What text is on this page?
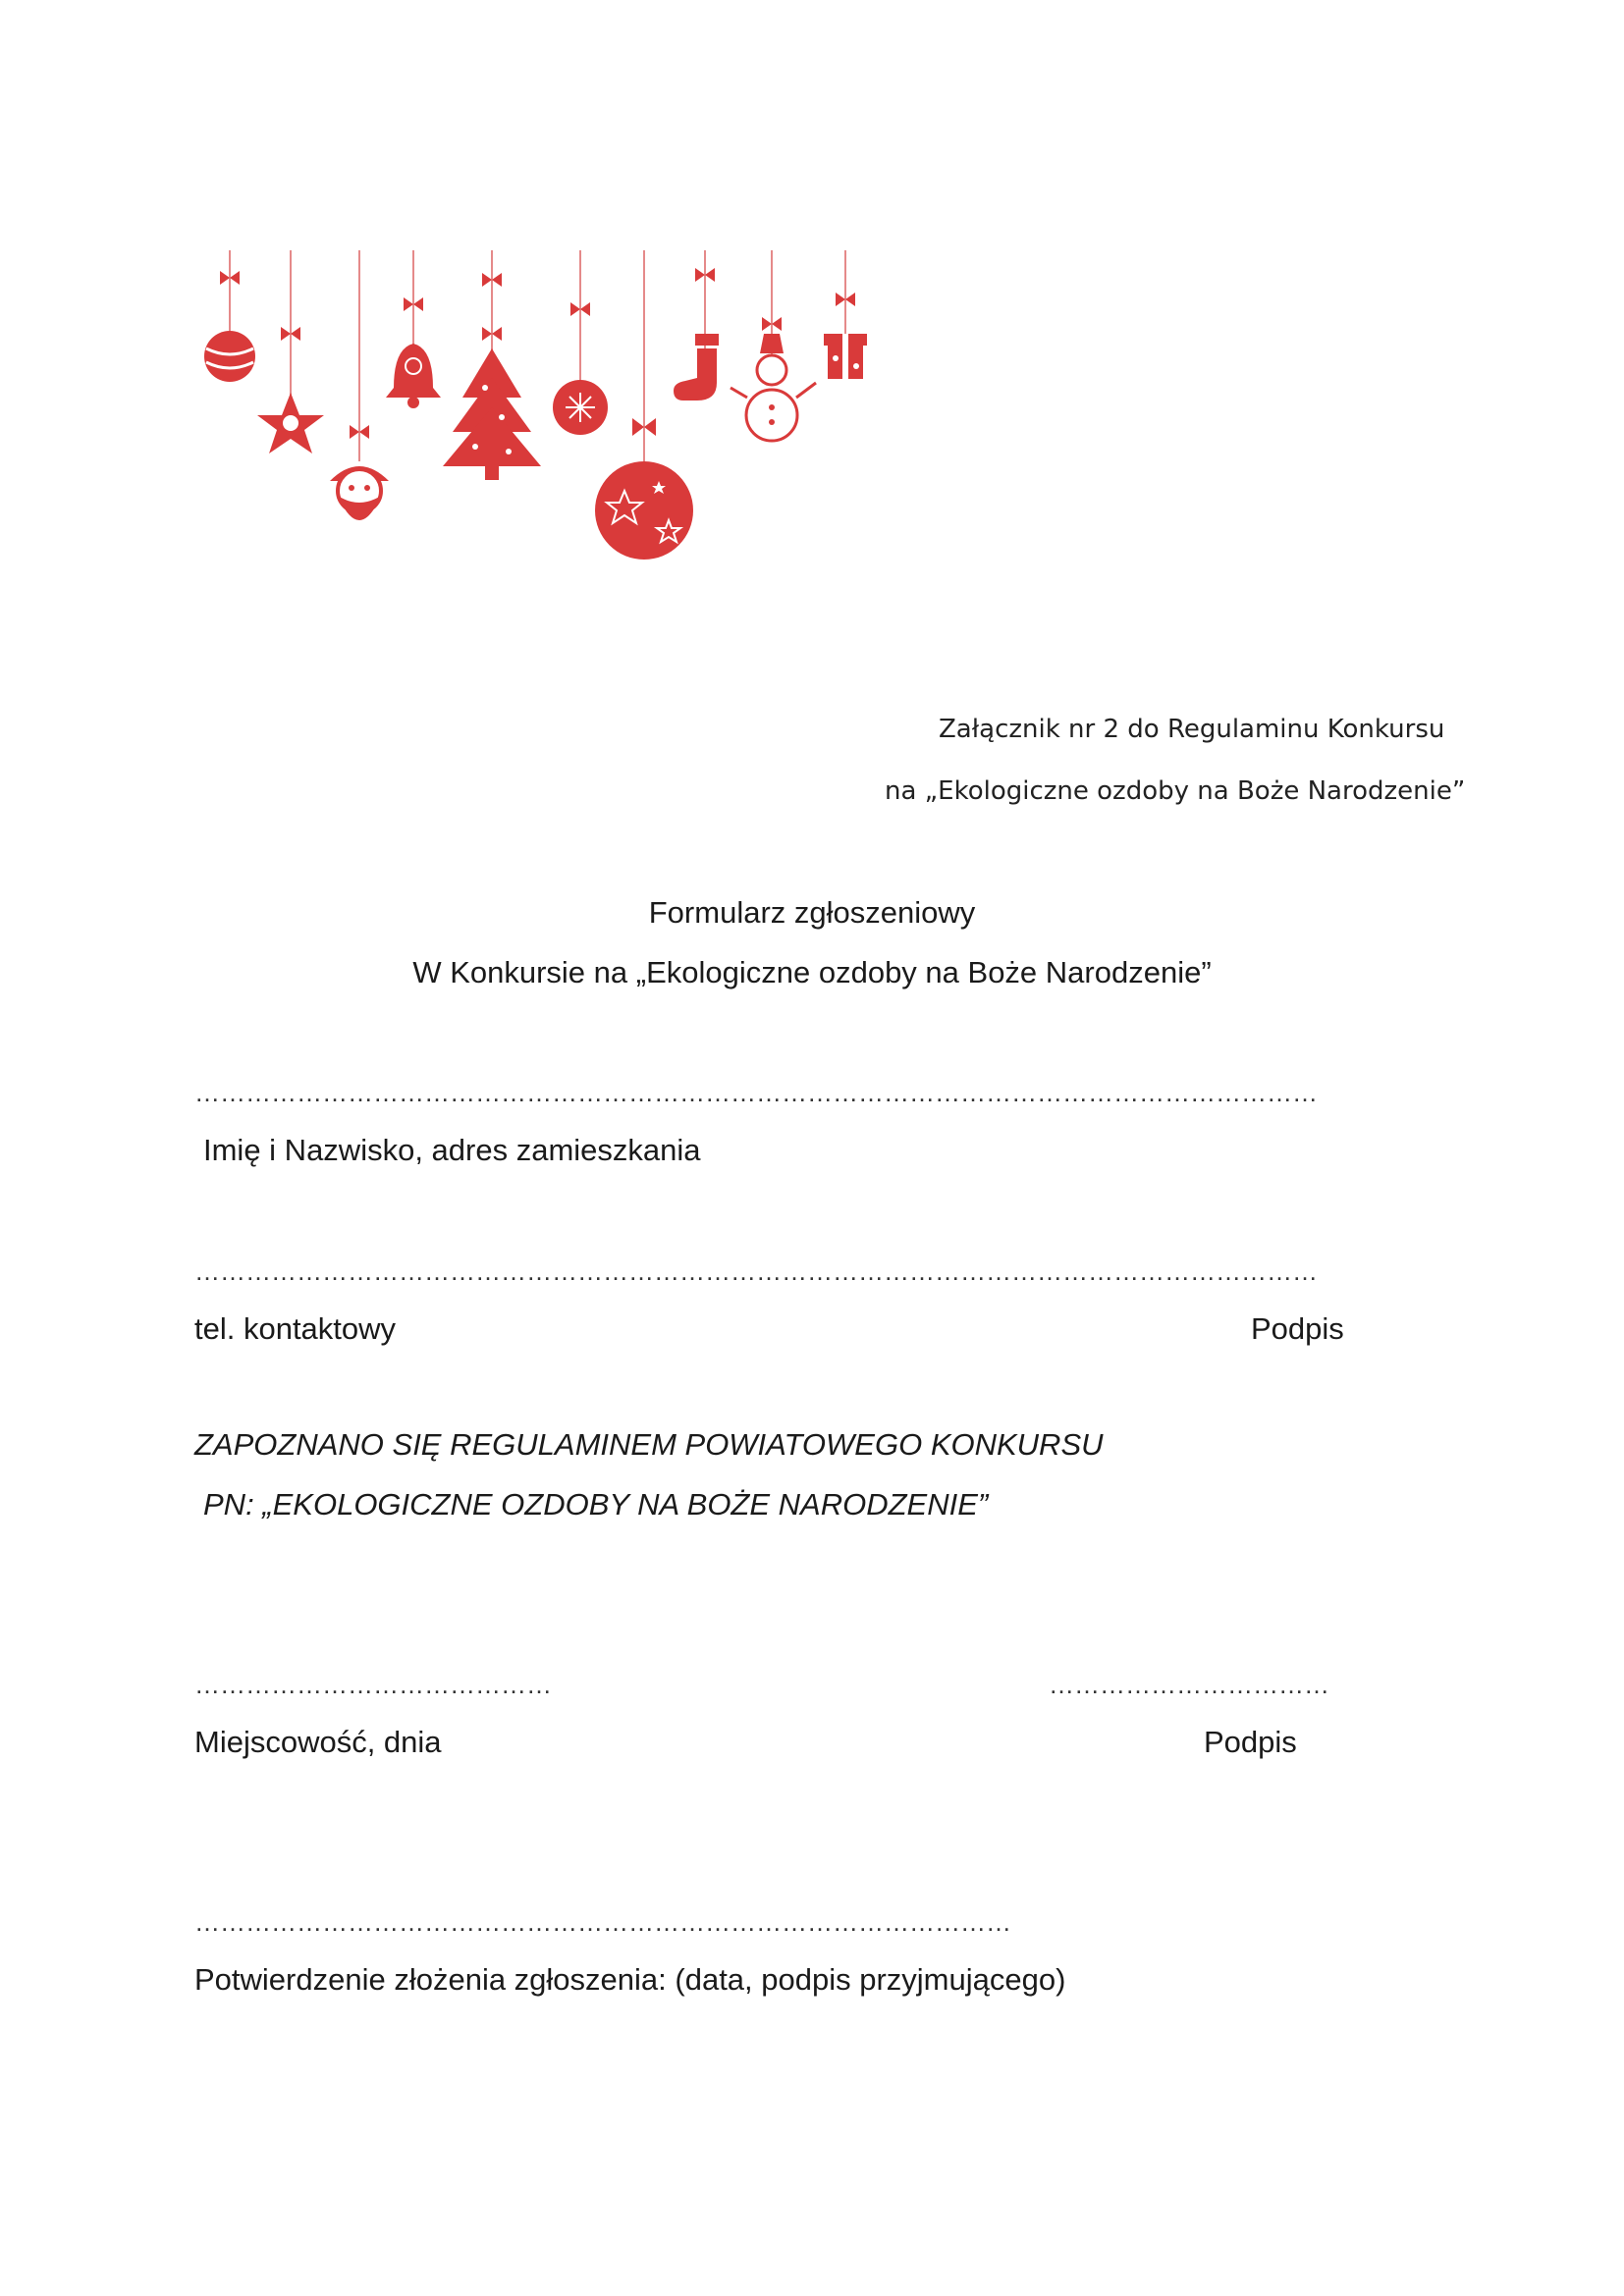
Załącznik nr 2 do Regulaminu Konkursu
na „Ekologiczne ozdoby na Boże Narodzenie”
Formularz zgłoszeniowy
W Konkursie na „Ekologiczne ozdoby na Boże Narodzenie”
……………………………………………………………………………………………………………………
Imię i Nazwisko, adres zamieszkania
……………………………………………………………………………………………………………………
tel. kontaktowy	Podpis
ZAPOZNANO SIĘ REGULAMINEM POWIATOWEGO KONKURSU
PN: „EKOLOGICZNE OZDOBY NA BOŻE NARODZENIE”
……………………………………	……………………………
Miejscowość, dnia	Podpis
……………………………………………………………………………………
Potwierdzenie złożenia zgłoszenia: (data, podpis przyjmującego)
